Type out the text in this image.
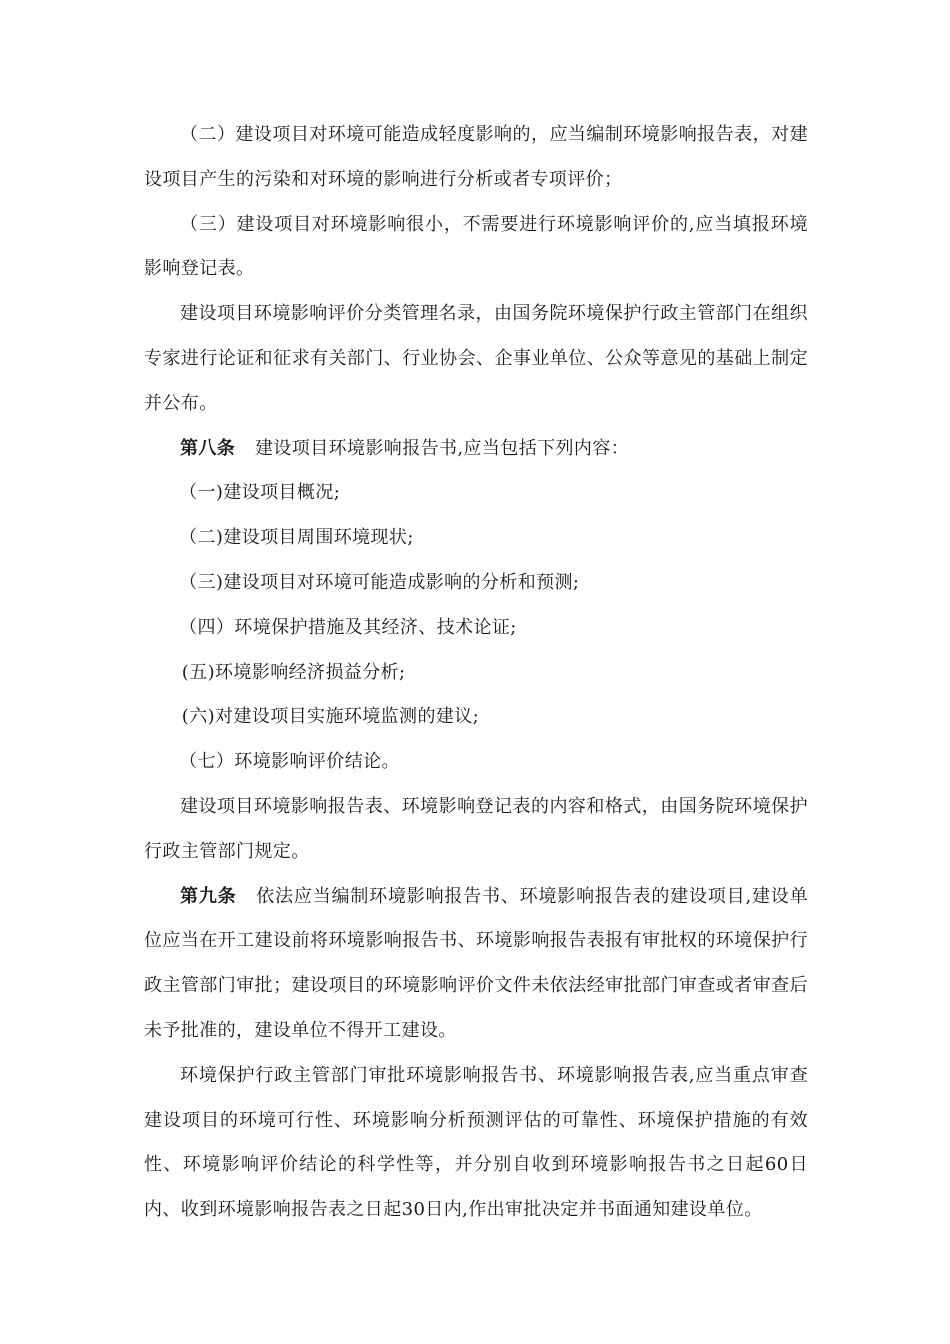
（二）建设项目对环境可能造成轻度影响的，应当编制环境影响报告表，对建设项目产生的污染和对环境的影响进行分析或者专项评价；

（三）建设项目对环境影响很小，不需要进行环境影响评价的,应当填报环境影响登记表。

建设项目环境影响评价分类管理名录，由国务院环境保护行政主管部门在组织专家进行论证和征求有关部门、行业协会、企事业单位、公众等意见的基础上制定并公布。

第八条 建设项目环境影响报告书,应当包括下列内容：

（一)建设项目概况;

（二)建设项目周围环境现状;

（三)建设项目对环境可能造成影响的分析和预测;

（四）环境保护措施及其经济、技术论证;

(五)环境影响经济损益分析;

(六)对建设项目实施环境监测的建议;

（七）环境影响评价结论。

建设项目环境影响报告表、环境影响登记表的内容和格式，由国务院环境保护行政主管部门规定。

第九条 依法应当编制环境影响报告书、环境影响报告表的建设项目,建设单位应当在开工建设前将环境影响报告书、环境影响报告表报有审批权的环境保护行政主管部门审批；建设项目的环境影响评价文件未依法经审批部门审查或者审查后未予批准的，建设单位不得开工建设。

环境保护行政主管部门审批环境影响报告书、环境影响报告表,应当重点审查建设项目的环境可行性、环境影响分析预测评估的可靠性、环境保护措施的有效性、环境影响评价结论的科学性等，并分别自收到环境影响报告书之日起60日内、收到环境影响报告表之日起30日内,作出审批决定并书面通知建设单位。
